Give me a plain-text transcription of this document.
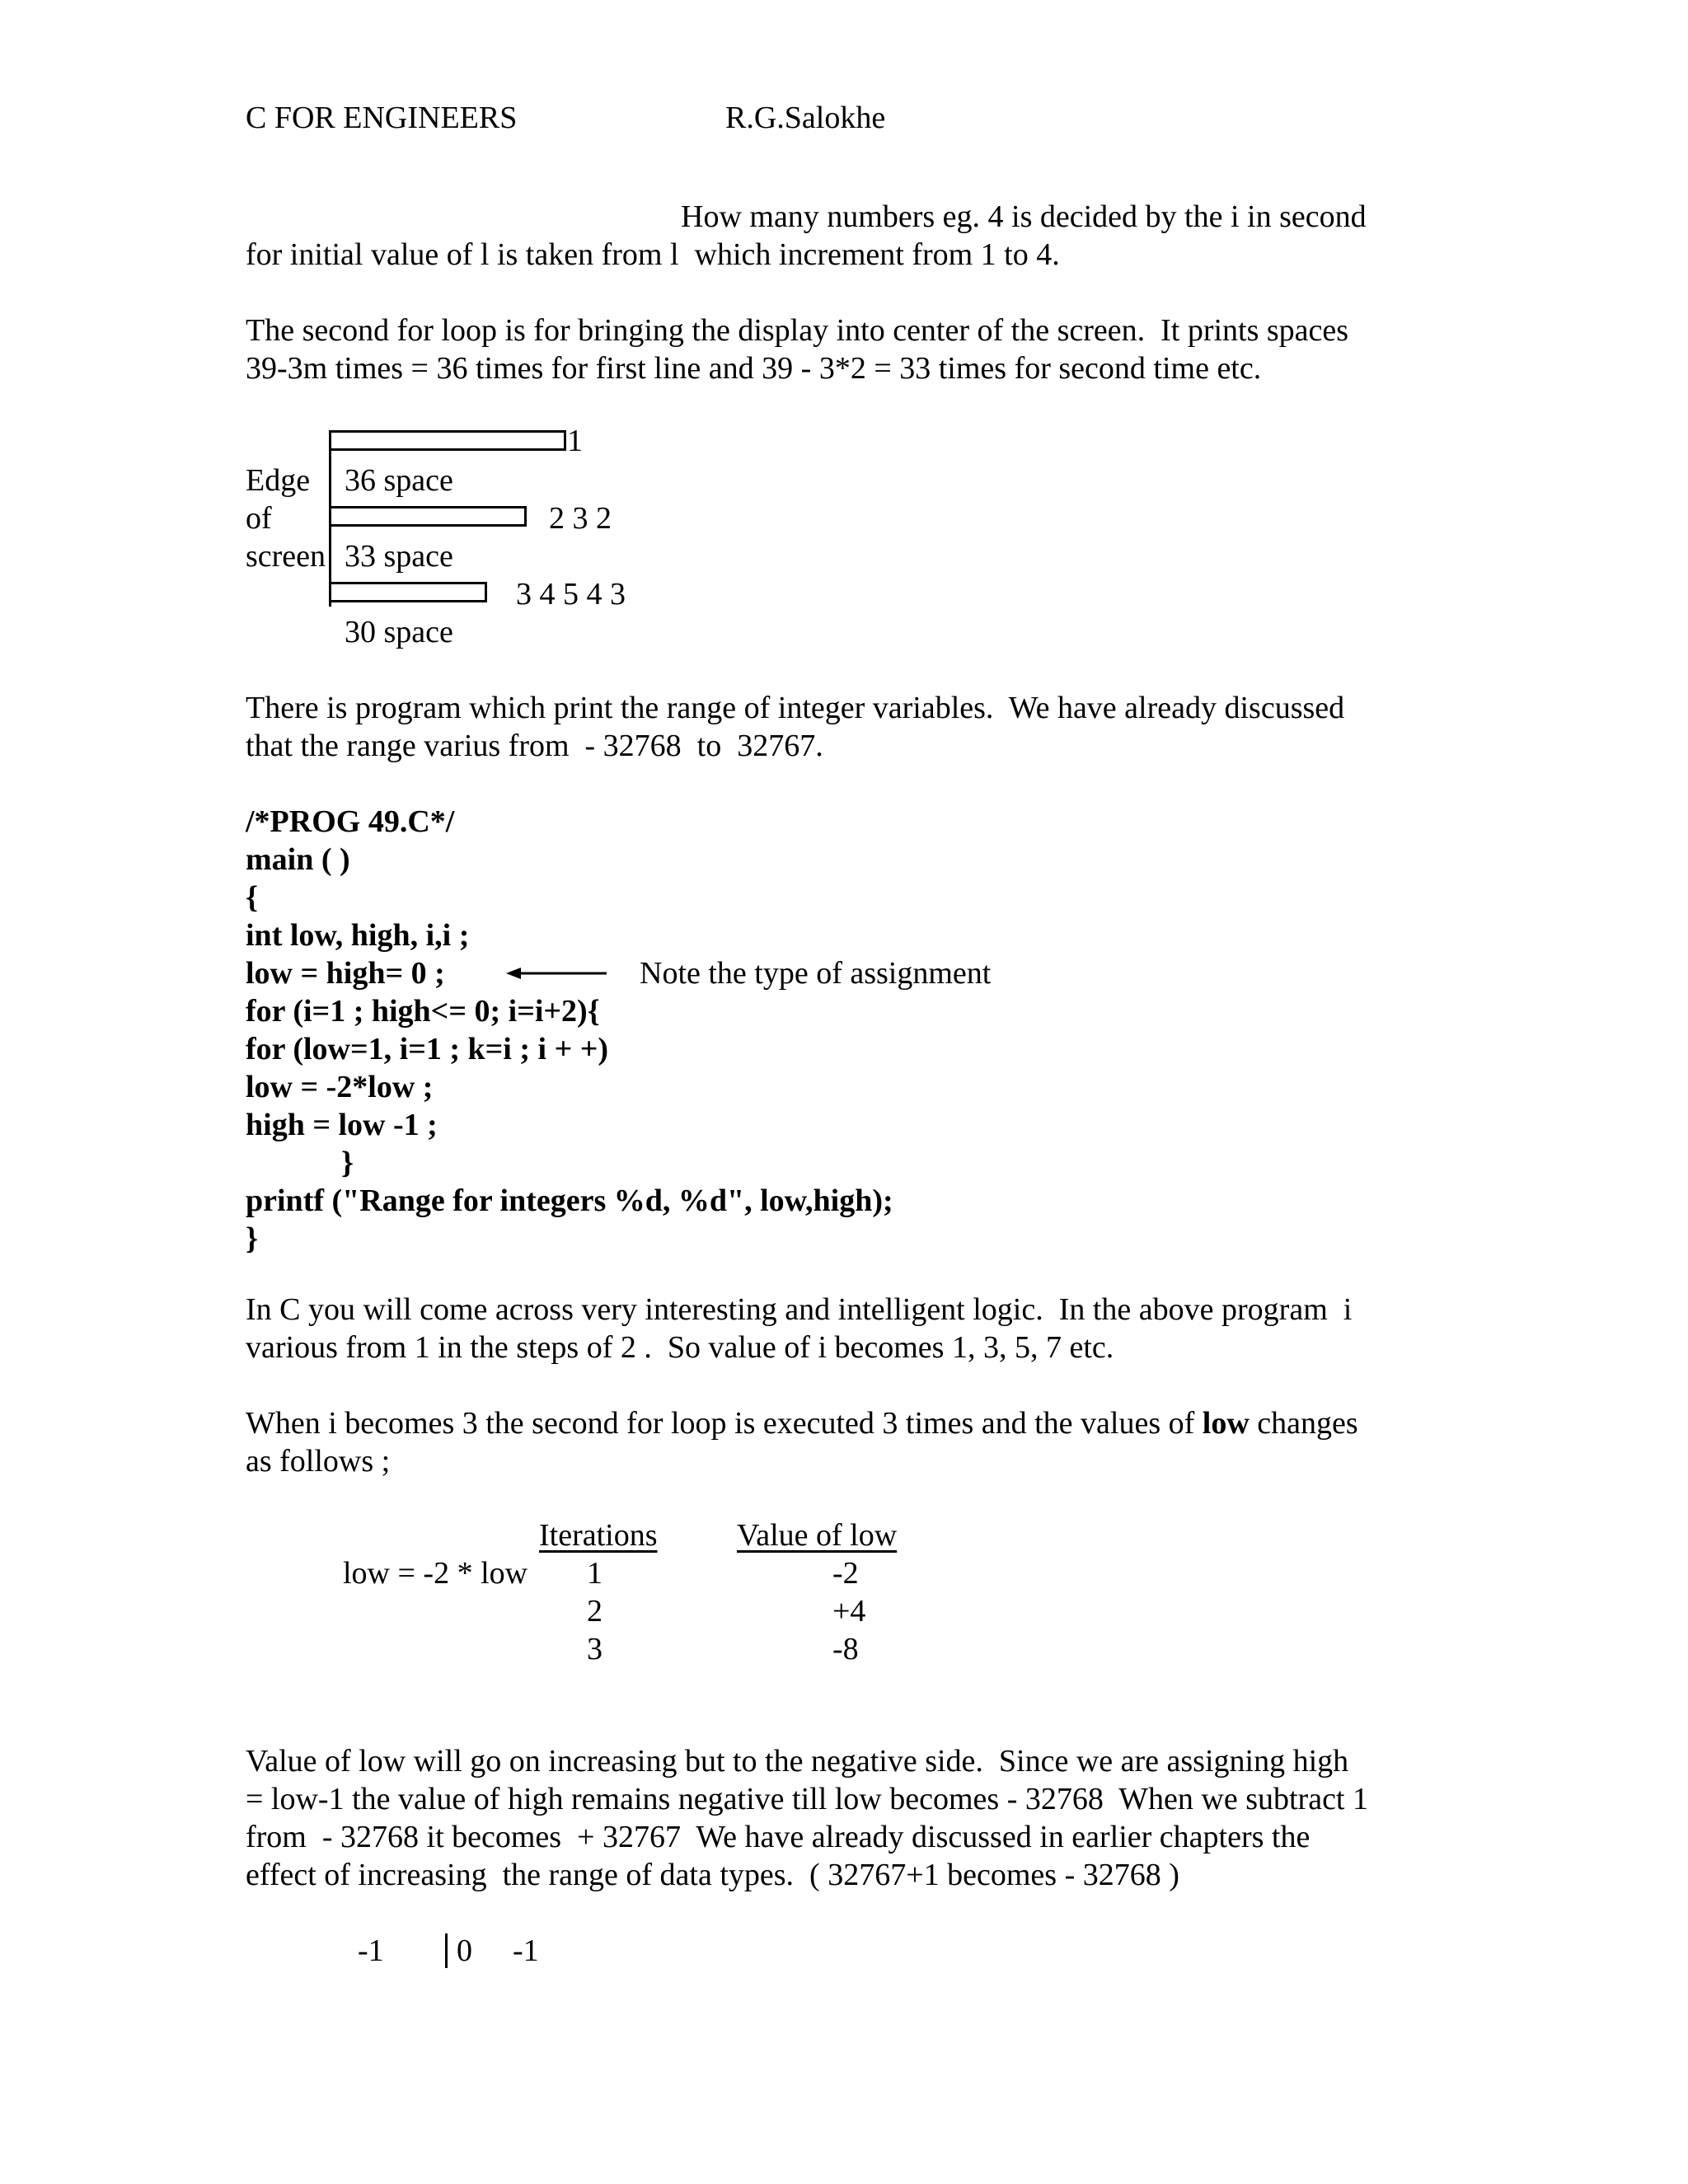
C FOR ENGINEERS	R.G.Salokhe
How many numbers eg. 4 is decided by the i in second
for initial value of l is taken from l  which increment from 1 to 4.
The second for loop is for bringing the display into center of the screen.  It prints spaces
39-3m times = 36 times for first line and 39 - 3*2 = 33 times for second time etc.
1
Edge 36 space
of	2 3 2
screen 33 space
3 4 5 4 3
30 space
There is program which print the range of integer variables.  We have already discussed
that the range varius from  - 32768  to  32767.
/*PROG 49.C*/
main ( )
{
int low, high, i,i ;
low = high= 0 ;	Note the type of assignment
for (i=1 ; high<= 0; i=i+2){
for (low=1, i=1 ; k=i ; i + +)
low = -2*low ;
high = low -1 ;
}
printf ("Range for integers %d, %d", low,high);
}
In C you will come across very interesting and intelligent logic.  In the above program  i
various from 1 in the steps of 2 .  So value of i becomes 1, 3, 5, 7 etc.
When i becomes 3 the second for loop is executed 3 times and the values of low changes
as follows ;
Iterations	Value of low
low = -2 * low 1	-2
2	+4
3	-8
Value of low will go on increasing but to the negative side.  Since we are assigning high
= low-1 the value of high remains negative till low becomes - 32768  When we subtract 1
from  - 32768 it becomes  + 32767  We have already discussed in earlier chapters the
effect of increasing  the range of data types.  ( 32767+1 becomes - 32768 )
-1 0 -1
